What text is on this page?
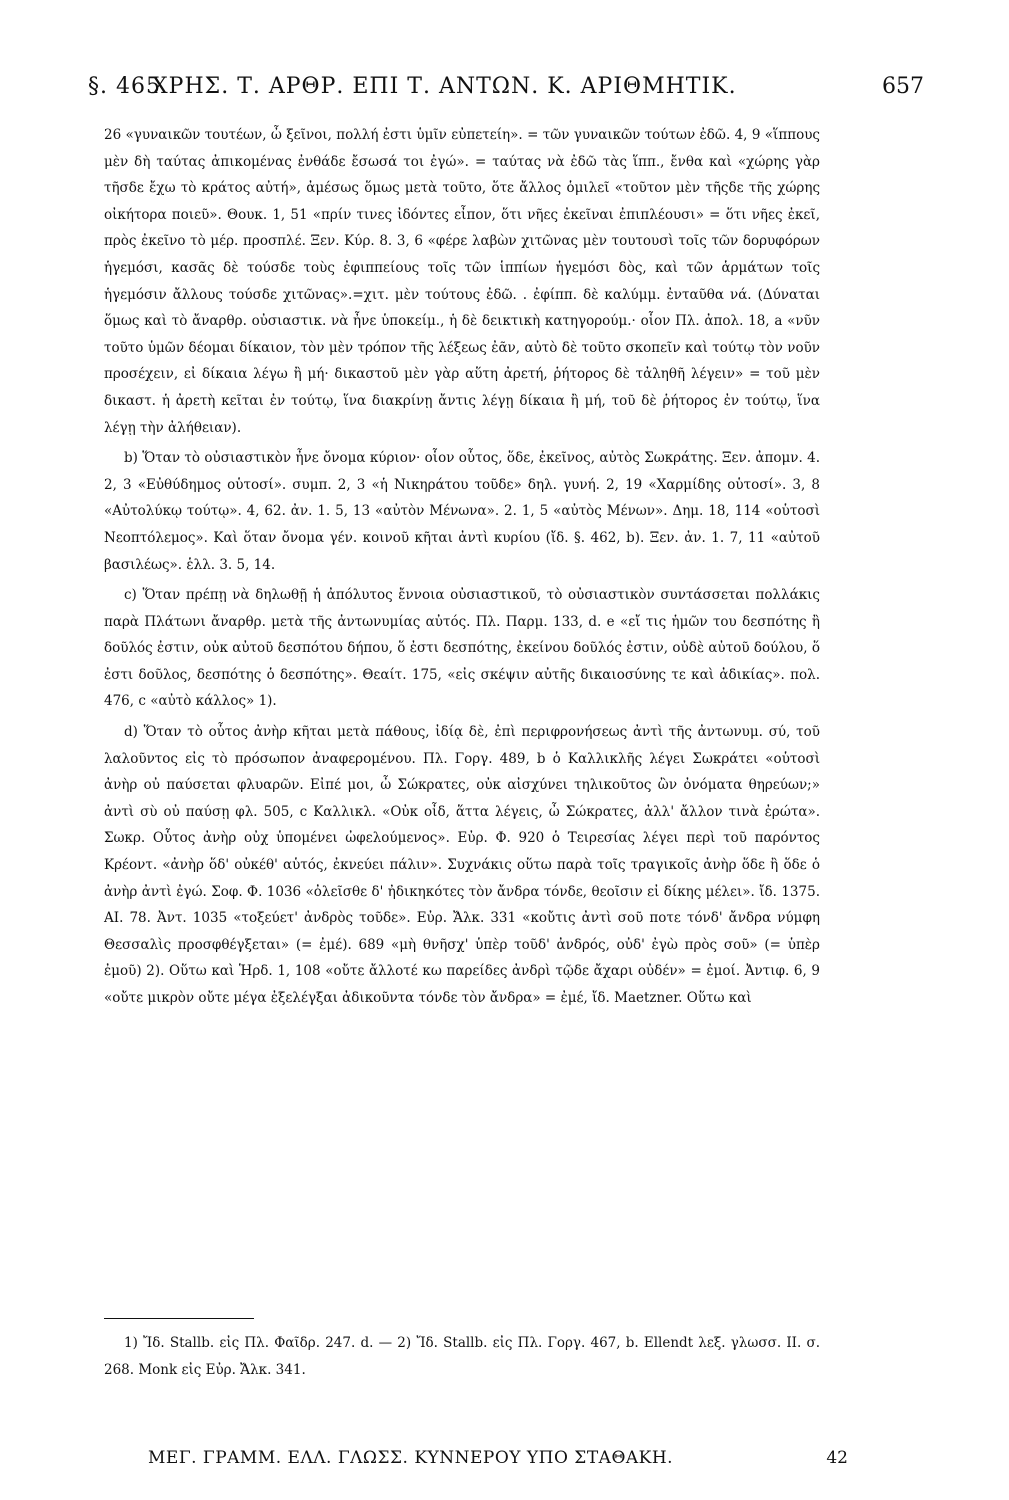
§. 465
ΧΡΗΣ. Τ. ΑΡΘΡ. ΕΠΙ Τ. ΑΝΤΩΝ. Κ. ΑΡΙΘΜΗΤΙΚ.	657

26 «γυναικῶν τουτέων, ὦ ξεῖνοι, πολλή ἐστι ὑμῖν εὐπετείη». = τῶν γυναικῶν τούτων ἐδῶ. 4, 9 «ἵππους μὲν δὴ ταύτας ἀπικομένας ἐνθάδε ἔσωσά τοι ἐγώ». = ταύτας νὰ ἐδῶ τὰς ἵππ., ἔνθα καὶ «χώρης γὰρ τῆσδε ἔχω τὸ κράτος αὐτή», ἀμέσως ὅμως μετὰ τοῦτο, ὅτε ἄλλος ὁμιλεῖ «τοῦτον μὲν τῆςδε τῆς χώρης οἰκήτορα ποιεῦ». Θουκ. 1, 51 «πρίν τινες ἰδόντες εἶπον, ὅτι νῆες ἐκεῖναι ἐπιπλέουσι» = ὅτι νῆες ἐκεῖ, πρὸς ἐκεῖνο τὸ μέρ. προσπλέ. Ξεν. Κύρ. 8. 3, 6 «φέρε λαβὼν χιτῶνας μὲν τουτουσὶ τοῖς τῶν δορυφόρων ἡγεμόσι, κασᾶς δὲ τούσδε τοὺς ἐφιππείους τοῖς τῶν ἱππίων ἡγεμόσι δὸς, καὶ τῶν ἁρμάτων τοῖς ἡγεμόσιν ἄλλους τούσδε χιτῶνας».=χιτ. μὲν τούτους ἐδῶ. . ἐφίππ. δὲ καλύμμ. ἐνταῦθα νά. (Δύναται ὅμως καὶ τὸ ἄναρθρ. οὐσιαστικ. νὰ ἦνε ὑποκείμ., ἡ δὲ δεικτικὴ κατηγορούμ.· οἷον Πλ. ἀπολ. 18, a «νῦν τοῦτο ὑμῶν δέομαι δίκαιον, τὸν μὲν τρόπον τῆς λέξεως ἐᾶν, αὐτὸ δὲ τοῦτο σκοπεῖν καὶ τούτῳ τὸν νοῦν προσέχειν, εἰ δίκαια λέγω ἢ μή· δικαστοῦ μὲν γὰρ αὕτη ἀρετή, ῥήτορος δὲ τἀληθῆ λέγειν» = τοῦ μὲν δικαστ. ἡ ἀρετὴ κεῖται ἐν τούτῳ, ἵνα διακρίνῃ ἄντις λέγῃ δίκαια ἢ μή, τοῦ δὲ ῥήτορος ἐν τούτῳ, ἵνα λέγῃ τὴν ἀλήθειαν).

b) Ὅταν τὸ οὐσιαστικὸν ἦνε ὄνομα κύριον· οἷον οὗτος, ὅδε, ἐκεῖνος, αὐτὸς Σωκράτης. Ξεν. ἀπομν. 4. 2, 3 «Εὐθύδημος οὑτοσί». συμπ. 2, 3 «ἡ Νικηράτου τοῦδε» δηλ. γυνή. 2, 19 «Χαρμίδης οὑτοσί». 3, 8 «Αὐτολύκῳ τούτῳ». 4, 62. ἀν. 1. 5, 13 «αὐτὸν Μένωνα». 2. 1, 5 «αὐτὸς Μένων». Δημ. 18, 114 «οὑτοσὶ Νεοπτόλεμος». Καὶ ὅταν ὄνομα γέν. κοινοῦ κῆται ἀντὶ κυρίου (ἴδ. §. 462, b). Ξεν. ἀν. 1. 7, 11 «αὐτοῦ βασιλέως». ἑλλ. 3. 5, 14.

c) Ὅταν πρέπῃ νὰ δηλωθῇ ἡ ἀπόλυτος ἔννοια οὐσιαστικοῦ, τὸ οὐσιαστικὸν συντάσσεται πολλάκις παρὰ Πλάτωνι ἄναρθρ. μετὰ τῆς ἀντωνυμίας αὐτός. Πλ. Παρμ. 133, d. e «εἴ τις ἡμῶν του δεσπότης ἢ δοῦλός ἐστιν, οὐκ αὐτοῦ δεσπότου δήπου, ὅ ἐστι δεσπότης, ἐκείνου δοῦλός ἐστιν, οὐδὲ αὐτοῦ δούλου, ὅ ἐστι δοῦλος, δεσπότης ὁ δεσπότης». Θεαίτ. 175, «εἰς σκέψιν αὐτῆς δικαιοσύνης τε καὶ ἀδικίας». πολ. 476, c «αὐτὸ κάλλος» 1).

d) Ὅταν τὸ οὗτος ἀνὴρ κῆται μετὰ πάθους, ἰδίᾳ δὲ, ἐπὶ περιφρονήσεως ἀντὶ τῆς ἀντωνυμ. σύ, τοῦ λαλοῦντος εἰς τὸ πρόσωπον ἀναφερομένου. Πλ. Γοργ. 489, b ὁ Καλλικλῆς λέγει Σωκράτει «οὑτοσὶ ἀνὴρ οὐ παύσεται φλυαρῶν. Εἰπέ μοι, ὦ Σώκρατες, οὐκ αἰσχύνει τηλικοῦτος ὢν ὀνόματα θηρεύων;» ἀντὶ σὺ οὐ παύσῃ φλ. 505, c Καλλικλ. «Οὐκ οἶδ, ἅττα λέγεις, ὦ Σώκρατες, ἀλλ' ἄλλον τινὰ ἐρώτα». Σωκρ. Οὗτος ἀνὴρ οὐχ ὑπομένει ὠφελούμενος». Εὐρ. Φ. 920 ὁ Τειρεσίας λέγει περὶ τοῦ παρόντος Κρέοντ. «ἀνὴρ ὅδ' οὐκέθ' αὑτός, ἐκνεύει πάλιν». Συχνάκις οὕτω παρὰ τοῖς τραγικοῖς ἀνὴρ ὅδε ἢ ὅδε ὁ ἀνὴρ ἀντὶ ἐγώ. Σοφ. Φ. 1036 «ὀλεῖσθε δ' ἠδικηκότες τὸν ἄνδρα τόνδε, θεοῖσιν εἰ δίκης μέλει». ἴδ. 1375. ΑΙ. 78. Ἀντ. 1035 «τοξεύετ' ἀνδρὸς τοῦδε». Εὐρ. Ἄλκ. 331 «κοὔτις ἀντὶ σοῦ ποτε τόνδ' ἄνδρα νύμφη Θεσσαλὶς προσφθέγξεται» (= ἐμέ). 689 «μὴ θνῆσχ' ὑπὲρ τοῦδ' ἀνδρός, οὐδ' ἐγὼ πρὸς σοῦ» (= ὑπὲρ ἐμοῦ) 2). Οὕτω καὶ Ἡρδ. 1, 108 «οὔτε ἄλλοτέ κω παρείδες ἀνδρὶ τῷδε ἄχαρι οὐδέν» = ἐμοί. Ἀντιφ. 6, 9 «οὔτε μικρὸν οὔτε μέγα ἐξελέγξαι ἀδικοῦντα τόνδε τὸν ἄνδρα» = ἐμέ, ἴδ. Maetzner. Οὕτω καὶ

1) Ἴδ. Stallb. εἰς Πλ. Φαῖδρ. 247. d. — 2) Ἴδ. Stallb. εἰς Πλ. Γοργ. 467, b. Ellendt λεξ. γλωσσ. II. σ. 268. Monk εἰς Εὐρ. Ἄλκ. 341.

ΜΕΓ. ΓΡΑΜΜ. ΕΛΛ. ΓΛΩΣΣ. ΚΥΝΝΕΡΟΥ ΥΠΟ ΣΤΑΘΑΚΗ.	42
